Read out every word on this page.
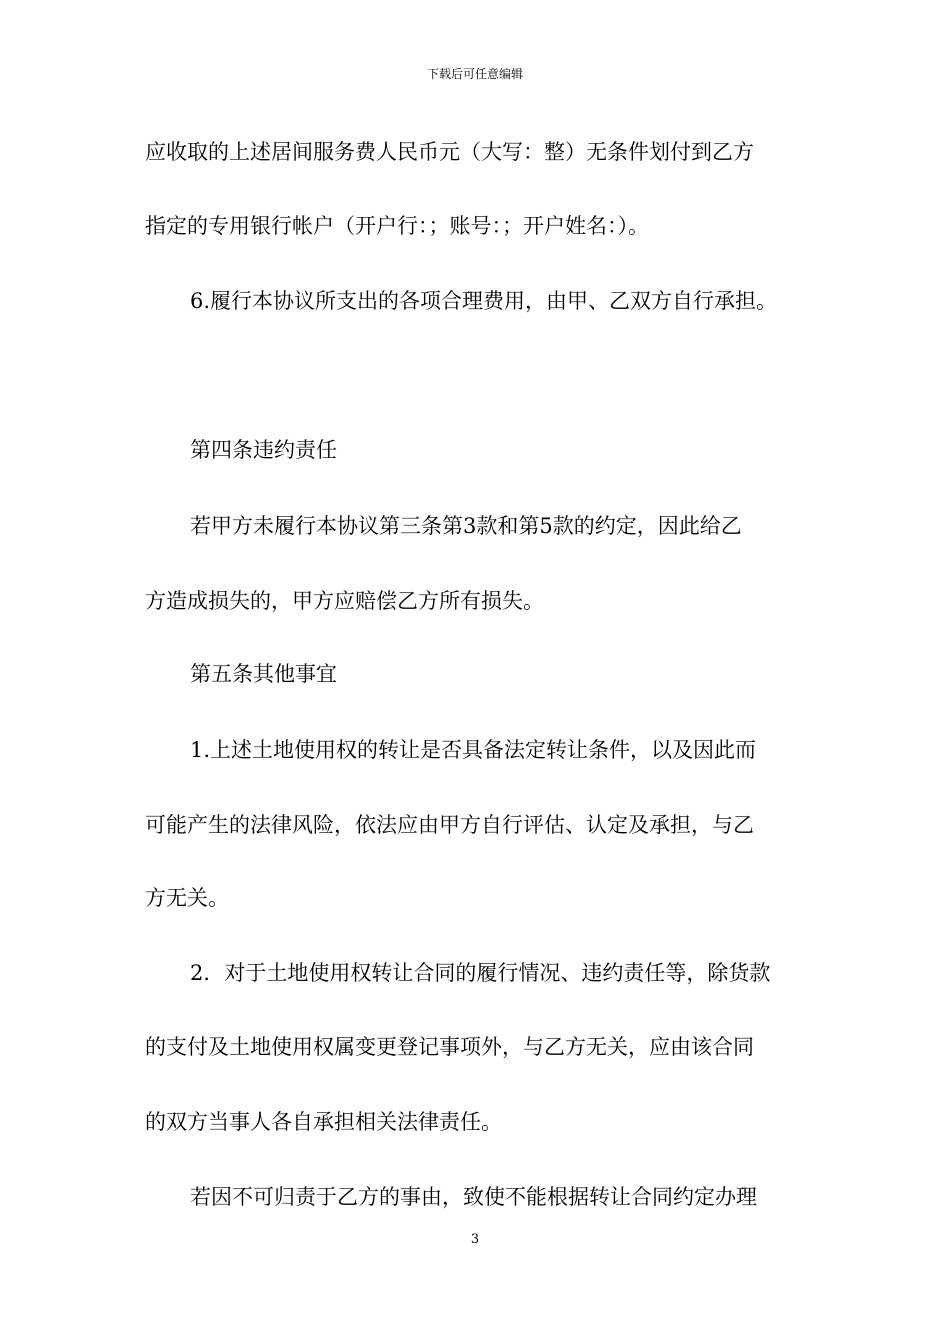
下载后可任意编辑
应收取的上述居间服务费人民币元（大写：整）无条件划付到乙方
指定的专用银行帐户（开户行：；账号：；开户姓名：）。
6.履行本协议所支出的各项合理费用，由甲、乙双方自行承担。
第四条违约责任
若甲方未履行本协议第三条第3款和第5款的约定，因此给乙
方造成损失的，甲方应赔偿乙方所有损失。
第五条其他事宜
1.上述土地使用权的转让是否具备法定转让条件，以及因此而
可能产生的法律风险，依法应由甲方自行评估、认定及承担，与乙
方无关。
2．对于土地使用权转让合同的履行情况、违约责任等，除货款
的支付及土地使用权属变更登记事项外，与乙方无关，应由该合同
的双方当事人各自承担相关法律责任。
若因不可归责于乙方的事由，致使不能根据转让合同约定办理
3
